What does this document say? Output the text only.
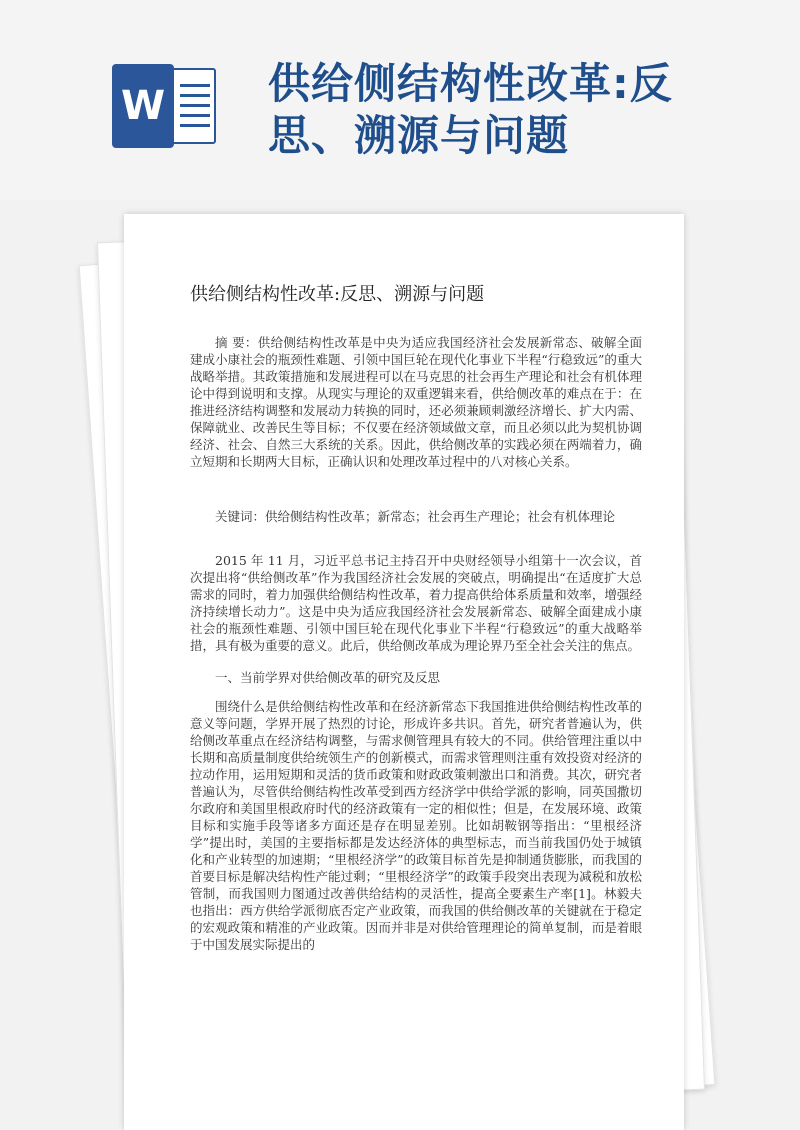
W 供给侧结构性改革:反思、溯源与问题
供给侧结构性改革:反思、溯源与问题
摘 要：供给侧结构性改革是中央为适应我国经济社会发展新常态、破解全面建成小康社会的瓶颈性难题、引领中国巨轮在现代化事业下半程“行稳致远”的重大战略举措。其政策措施和发展进程可以在马克思的社会再生产理论和社会有机体理论中得到说明和支撑。从现实与理论的双重逻辑来看，供给侧改革的难点在于：在推进经济结构调整和发展动力转换的同时，还必须兼顾刺激经济增长、扩大内需、保障就业、改善民生等目标；不仅要在经济领域做文章，而且必须以此为契机协调经济、社会、自然三大系统的关系。因此，供给侧改革的实践必须在两端着力，确立短期和长期两大目标，正确认识和处理改革过程中的八对核心关系。
关键词：供给侧结构性改革；新常态；社会再生产理论；社会有机体理论
2015 年 11 月，习近平总书记主持召开中央财经领导小组第十一次会议，首次提出将“供给侧改革”作为我国经济社会发展的突破点，明确提出“在适度扩大总需求的同时，着力加强供给侧结构性改革，着力提高供给体系质量和效率，增强经济持续增长动力”。这是中央为适应我国经济社会发展新常态、破解全面建成小康社会的瓶颈性难题、引领中国巨轮在现代化事业下半程“行稳致远”的重大战略举措，具有极为重要的意义。此后，供给侧改革成为理论界乃至全社会关注的焦点。
一、当前学界对供给侧改革的研究及反思
围绕什么是供给侧结构性改革和在经济新常态下我国推进供给侧结构性改革的意义等问题，学界开展了热烈的讨论，形成许多共识。首先，研究者普遍认为，供给侧改革重点在经济结构调整，与需求侧管理具有较大的不同。供给管理注重以中长期和高质量制度供给统领生产的创新模式，而需求管理则注重有效投资对经济的拉动作用，运用短期和灵活的货币政策和财政政策刺激出口和消费。其次，研究者普遍认为，尽管供给侧结构性改革受到西方经济学中供给学派的影响，同英国撒切尔政府和美国里根政府时代的经济政策有一定的相似性；但是，在发展环境、政策目标和实施手段等诸多方面还是存在明显差别。比如胡鞍钢等指出：“里根经济学”提出时，美国的主要指标都是发达经济体的典型标志，而当前我国仍处于城镇化和产业转型的加速期；“里根经济学”的政策目标首先是抑制通货膨胀，而我国的首要目标是解决结构性产能过剩；“里根经济学”的政策手段突出表现为减税和放松管制，而我国则力图通过改善供给结构的灵活性，提高全要素生产率[1]。林毅夫也指出：西方供给学派彻底否定产业政策，而我国的供给侧改革的关键就在于稳定的宏观政策和精准的产业政策。因而并非是对供给管理理论的简单复制，而是着眼于中国发展实际提出的
